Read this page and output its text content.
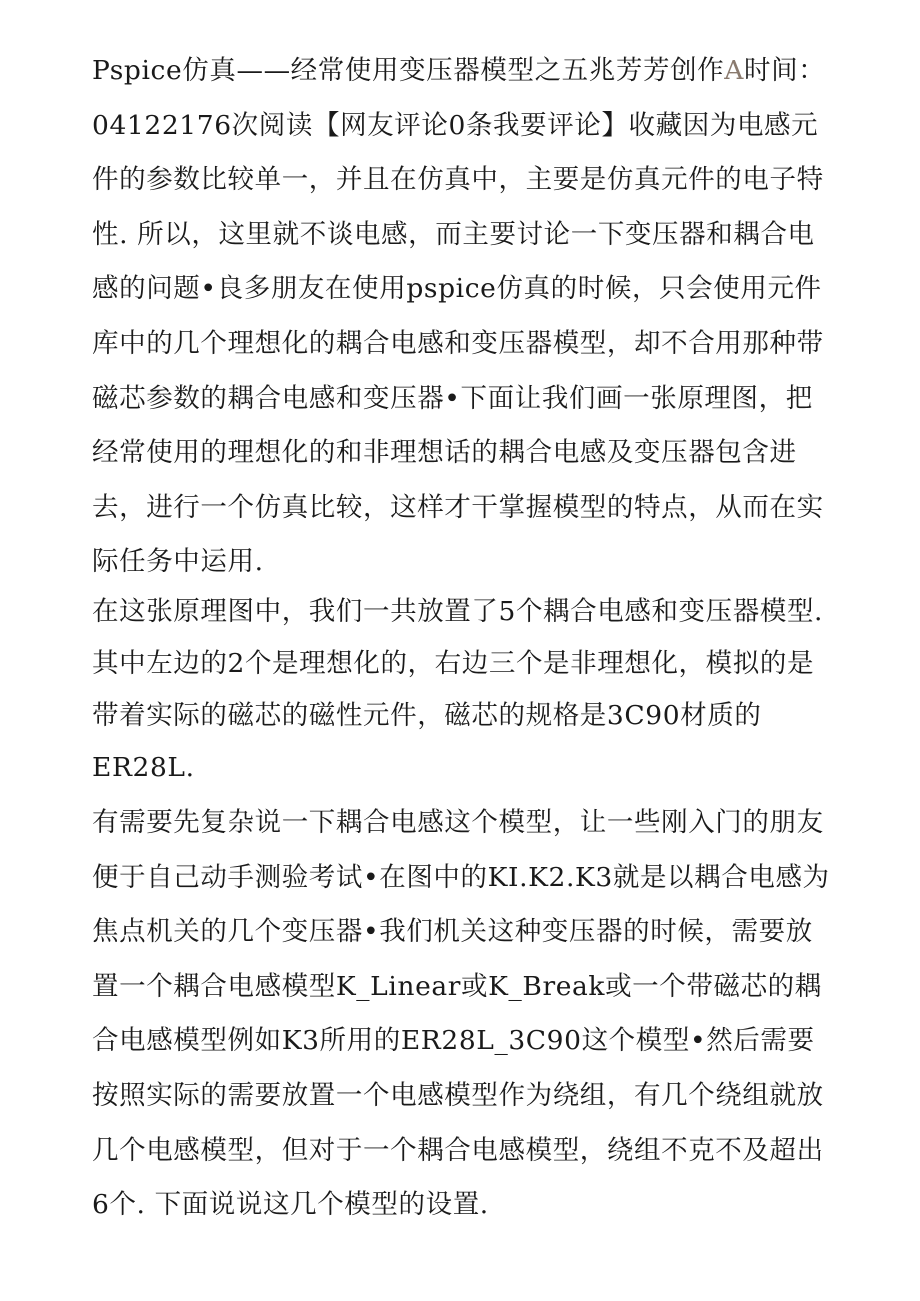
Pspice仿真——经常使用变压器模型之五兆芳芳创作A时间：04122176次阅读【网友评论0条我要评论】收藏因为电感元件的参数比较单一，并且在仿真中，主要是仿真元件的电子特性. 所以，这里就不谈电感，而主要讨论一下变压器和耦合电感的问题•良多朋友在使用pspice仿真的时候，只会使用元件库中的几个理想化的耦合电感和变压器模型，却不合用那种带磁芯参数的耦合电感和变压器•下面让我们画一张原理图，把经常使用的理想化的和非理想话的耦合电感及变压器包含进去，进行一个仿真比较，这样才干掌握模型的特点，从而在实际任务中运用.

在这张原理图中，我们一共放置了5个耦合电感和变压器模型. 其中左边的2个是理想化的，右边三个是非理想化，模拟的是带着实际的磁芯的磁性元件，磁芯的规格是3C90材质的ER28L.

有需要先复杂说一下耦合电感这个模型，让一些刚入门的朋友便于自己动手测验考试•在图中的KI.K2.K3就是以耦合电感为焦点机关的几个变压器•我们机关这种变压器的时候，需要放置一个耦合电感模型K_Linear或K_Break或一个带磁芯的耦合电感模型例如K3所用的ER28L_3C90这个模型•然后需要按照实际的需要放置一个电感模型作为绕组，有几个绕组就放几个电感模型，但对于一个耦合电感模型，绕组不克不及超出6个. 下面说说这几个模型的设置.
